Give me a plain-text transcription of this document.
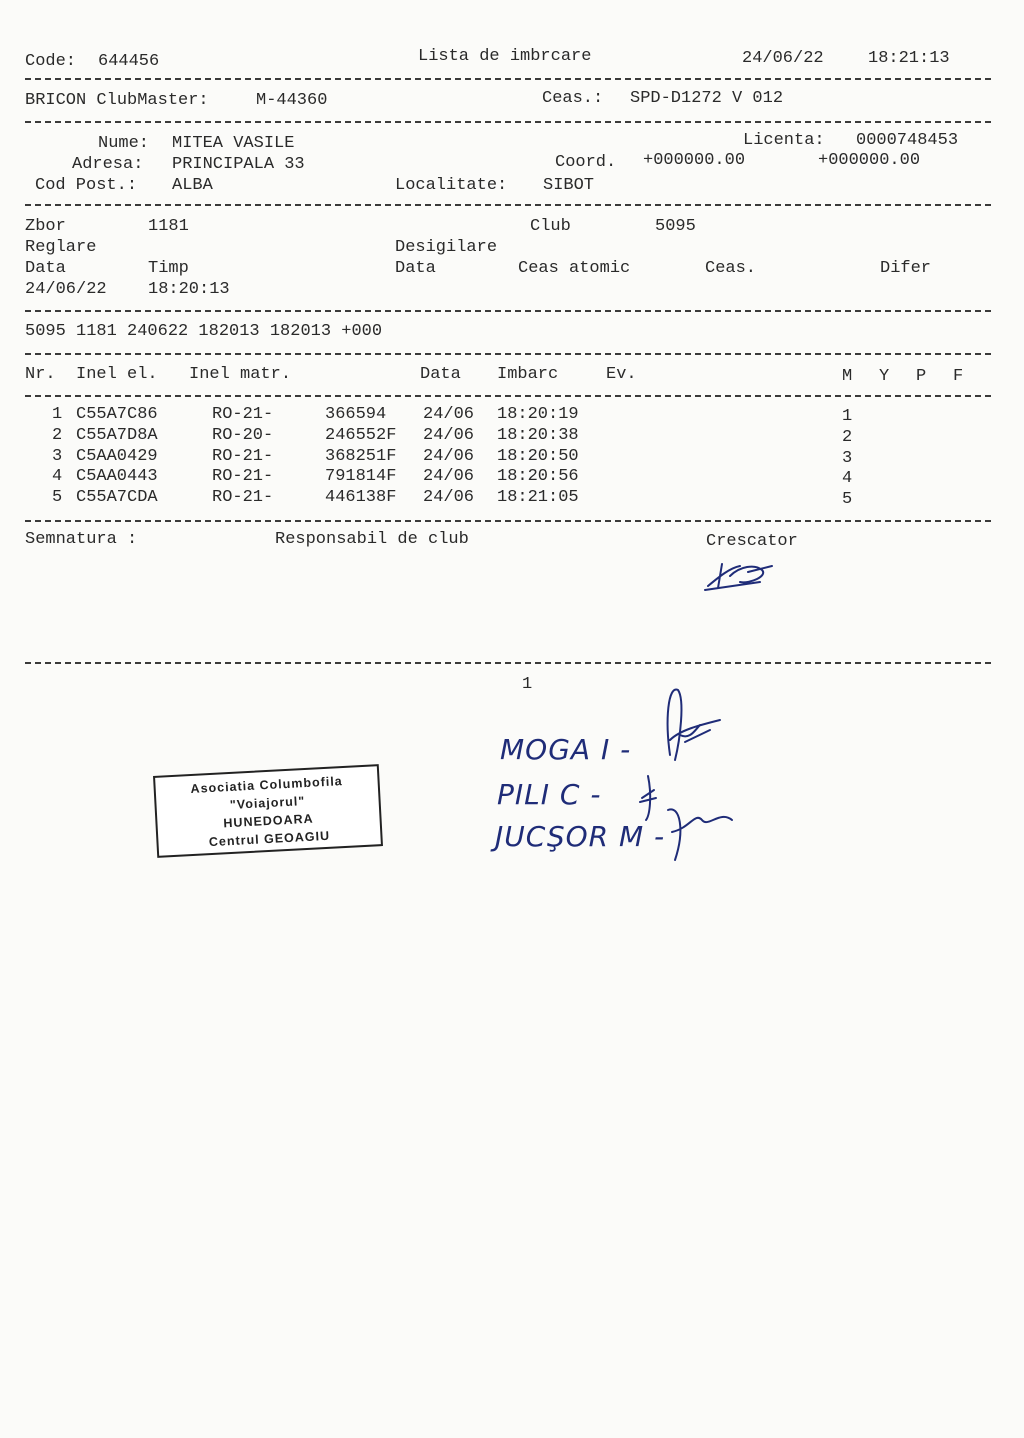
Code: 644456	Lista de imbrcare	24/06/22	18:21:13
BRICON ClubMaster:	M-44360	Ceas.: SPD-D1272 V 012
Nume: MITEA VASILE	Licenta: 0000748453
Adresa: PRINCIPALA 33	Coord. +000000.00	+000000.00
Cod Post.: ALBA	Localitate: SIBOT
Zbor	1181	Club	5095
Reglare	Desigilare
Data	Timp	Data	Ceas atomic	Ceas.	Difer
24/06/22 18:20:13
5095 1181 240622 182013 182013 +000
Nr. Inel el. Inel matr.	Data Imbarc	Ev.	M Y P F
1 C55A7C86	RO-21-	366594 24/06 18:20:19	1
2 C55A7D8A	RO-20-	246552F 24/06 18:20:38	2
3 C5AA0429	RO-21-	368251F 24/06 18:20:50	3
4 C5AA0443	RO-21-	791814F 24/06 18:20:56	4
5 C55A7CDA	RO-21-	446138F 24/06 18:21:05	5
Semnatura :	Responsabil de club	Crescator
1
MOGA I -
PILI C -
JUCŞOR M -
Asociatia Columbofila
"Voiajorul"
HUNEDOARA
Centrul GEOAGIU
